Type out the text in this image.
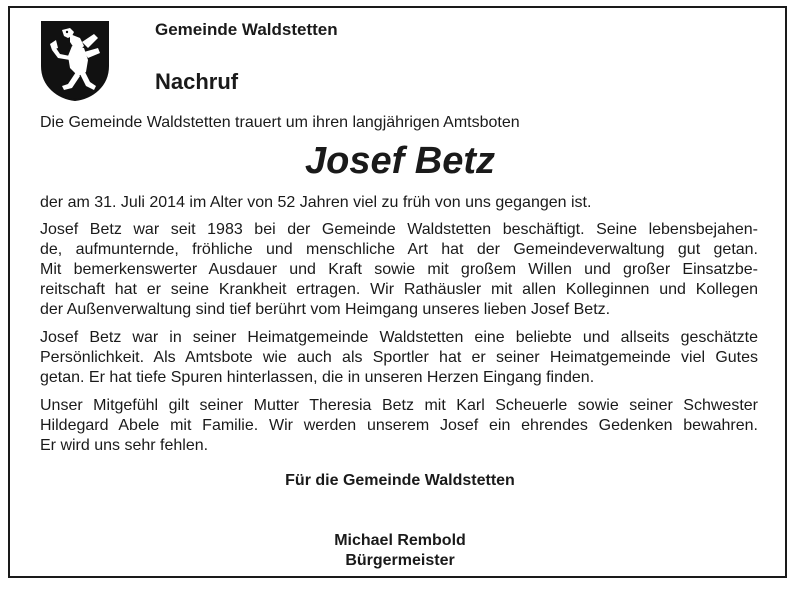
Gemeinde Waldstetten
Nachruf
Die Gemeinde Waldstetten trauert um ihren langjährigen Amtsboten
Josef Betz
der am 31. Juli 2014 im Alter von 52 Jahren viel zu früh von uns gegangen ist.
Josef Betz war seit 1983 bei der Gemeinde Waldstetten beschäftigt. Seine lebensbejahen-
de, aufmunternde, fröhliche und menschliche Art hat der Gemeindeverwaltung gut getan.
Mit bemerkenswerter Ausdauer und Kraft sowie mit großem Willen und großer Einsatzbe-
reitschaft hat er seine Krankheit ertragen. Wir Rathäusler mit allen Kolleginnen und Kollegen
der Außenverwaltung sind tief berührt vom Heimgang unseres lieben Josef Betz.
Josef Betz war in seiner Heimatgemeinde Waldstetten eine beliebte und allseits geschätzte
Persönlichkeit. Als Amtsbote wie auch als Sportler hat er seiner Heimatgemeinde viel Gutes
getan. Er hat tiefe Spuren hinterlassen, die in unseren Herzen Eingang finden.
Unser Mitgefühl gilt seiner Mutter Theresia Betz mit Karl Scheuerle sowie seiner Schwester
Hildegard Abele mit Familie. Wir werden unserem Josef ein ehrendes Gedenken bewahren.
Er wird uns sehr fehlen.
Für die Gemeinde Waldstetten
Michael Rembold
Bürgermeister
